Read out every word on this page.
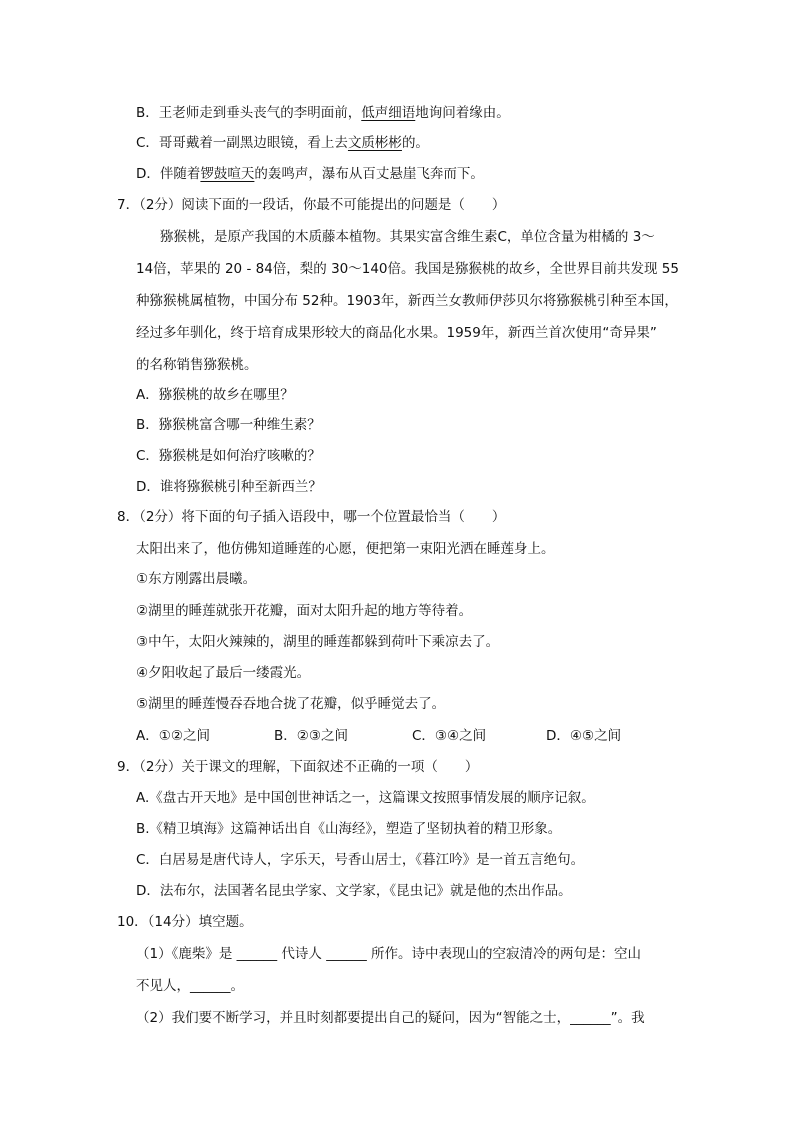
B．王老师走到垂头丧气的李明面前，低声细语地询问着缘由。
C．哥哥戴着一副黑边眼镜，看上去文质彬彬的。
D．伴随着锣鼓喧天的轰鸣声，瀑布从百丈悬崖飞奔而下。
7．（2分）阅读下面的一段话，你最不可能提出的问题是（　　）
猕猴桃，是原产我国的木质藤本植物。其果实富含维生素C，单位含量为柑橘的 3～
14倍，苹果的 20 - 84倍，梨的 30～140倍。我国是猕猴桃的故乡，全世界目前共发现 55
种猕猴桃属植物，中国分布 52种。1903年，新西兰女教师伊莎贝尔将猕猴桃引种至本国，
经过多年驯化，终于培育成果形较大的商品化水果。1959年，新西兰首次使用“奇异果”
的名称销售猕猴桃。
A．猕猴桃的故乡在哪里？
B．猕猴桃富含哪一种维生素？
C．猕猴桃是如何治疗咳嗽的？
D．谁将猕猴桃引种至新西兰？
8．（2分）将下面的句子插入语段中，哪一个位置最恰当（　　）
太阳出来了，他仿佛知道睡莲的心愿，便把第一束阳光洒在睡莲身上。
①东方刚露出晨曦。
②湖里的睡莲就张开花瓣，面对太阳升起的地方等待着。
③中午，太阳火辣辣的，湖里的睡莲都躲到荷叶下乘凉去了。
④夕阳收起了最后一缕霞光。
⑤湖里的睡莲慢吞吞地合拢了花瓣，似乎睡觉去了。
A．①②之间	B．②③之间	C．③④之间	D．④⑤之间
9．（2分）关于课文的理解，下面叙述不正确的一项（　　）
A.《盘古开天地》是中国创世神话之一，这篇课文按照事情发展的顺序记叙。
B.《精卫填海》这篇神话出自《山海经》，塑造了坚韧执着的精卫形象。
C．白居易是唐代诗人，字乐天，号香山居士，《暮江吟》是一首五言绝句。
D．法布尔，法国著名昆虫学家、文学家，《昆虫记》就是他的杰出作品。
10．（14分）填空题。
（1）《鹿柴》是 ______ 代诗人 ______ 所作。诗中表现山的空寂清冷的两句是：空山
不见人，______。
（2）我们要不断学习，并且时刻都要提出自己的疑问，因为“智能之士，______”。我
